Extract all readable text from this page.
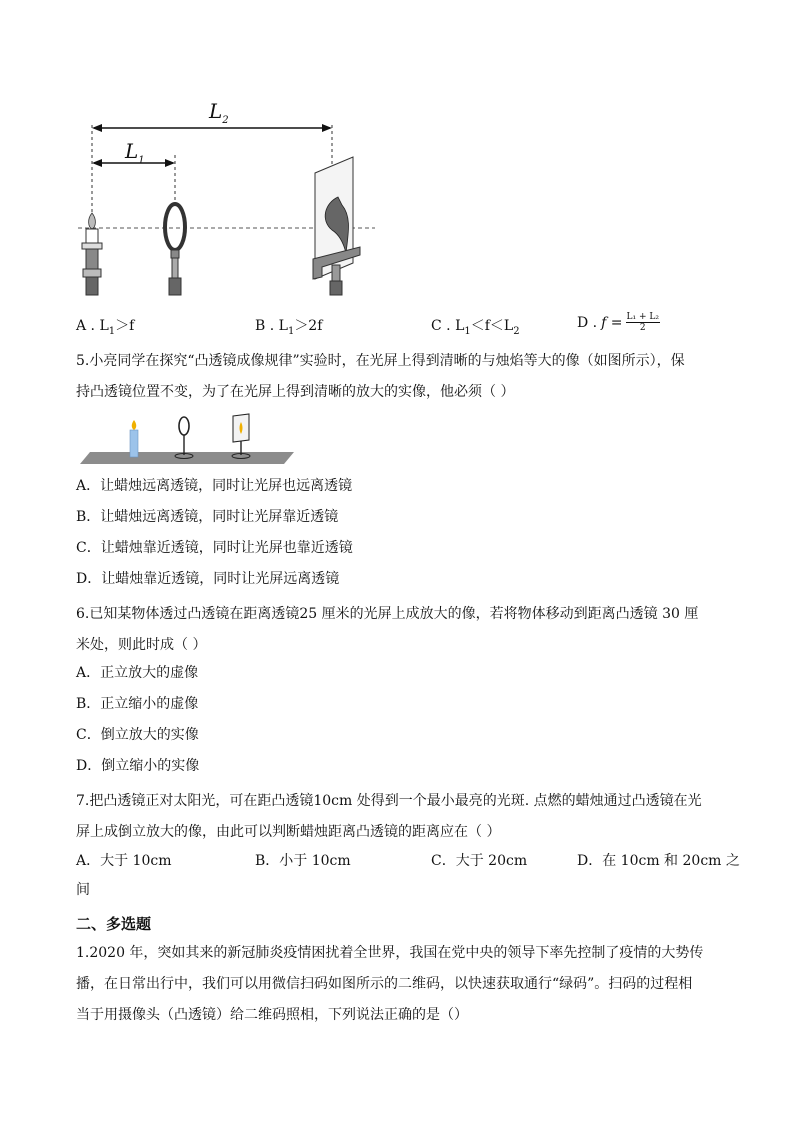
$L_2$
$L_1$
A . $L_1>f$	B . $L_1>2f$	C . $L_1<f<L_2$
D . $f = \frac{\text{L₁ + L₂}}{2}$
5.小亮同学在探究“凸透镜成像规律”实验时，在光屏上得到清晰的与烛焰等大的像（如图所示），保
持凸透镜位置不变，为了在光屏上得到清晰的放大的实像，他必须（ ）
A．让蜡烛远离透镜，同时让光屏也远离透镜
B．让蜡烛远离透镜，同时让光屏靠近透镜
C．让蜡烛靠近透镜，同时让光屏也靠近透镜
D．让蜡烛靠近透镜，同时让光屏远离透镜
6.已知某物体透过凸透镜在距离透镜25 厘米的光屏上成放大的像，若将物体移动到距离凸透镜 30 厘
米处，则此时成（ ）
A．正立放大的虚像
B．正立缩小的虚像
C．倒立放大的实像
D．倒立缩小的实像
7.把凸透镜正对太阳光，可在距凸透镜10cm 处得到一个最小最亮的光斑. 点燃的蜡烛通过凸透镜在光
屏上成倒立放大的像，由此可以判断蜡烛距离凸透镜的距离应在（ ）
A．大于 10cm	B．小于 10cm	C．大于 20cm	D．在 10cm 和 20cm 之
间
二、多选题
1.2020 年，突如其来的新冠肺炎疫情困扰着全世界，我国在党中央的领导下率先控制了疫情的大势传
播，在日常出行中，我们可以用微信扫码如图所示的二维码，以快速获取通行“绿码”。扫码的过程相
当于用摄像头（凸透镜）给二维码照相，下列说法正确的是（）
